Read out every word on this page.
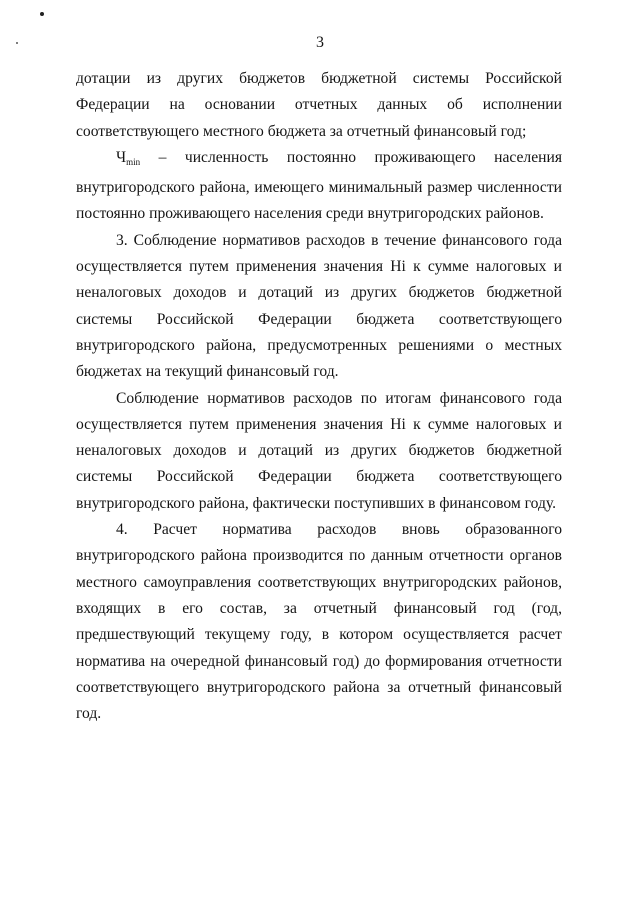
3

дотации из других бюджетов бюджетной системы Российской Федерации на основании отчетных данных об исполнении соответствующего местного бюджета за отчетный финансовый год;

$Ч_{min}$ – численность постоянно проживающего населения внутригородского района, имеющего минимальный размер численности постоянно проживающего населения среди внутригородских районов.

3. Соблюдение нормативов расходов в течение финансового года осуществляется путем применения значения Нi к сумме налоговых и неналоговых доходов и дотаций из других бюджетов бюджетной системы Российской Федерации бюджета соответствующего внутригородского района, предусмотренных решениями о местных бюджетах на текущий финансовый год.

Соблюдение нормативов расходов по итогам финансового года осуществляется путем применения значения Нi к сумме налоговых и неналоговых доходов и дотаций из других бюджетов бюджетной системы Российской Федерации бюджета соответствующего внутригородского района, фактически поступивших в финансовом году.

4. Расчет норматива расходов вновь образованного внутригородского района производится по данным отчетности органов местного самоуправления соответствующих внутригородских районов, входящих в его состав, за отчетный финансовый год (год, предшествующий текущему году, в котором осуществляется расчет норматива на очередной финансовый год) до формирования отчетности соответствующего внутригородского района за отчетный финансовый год.
